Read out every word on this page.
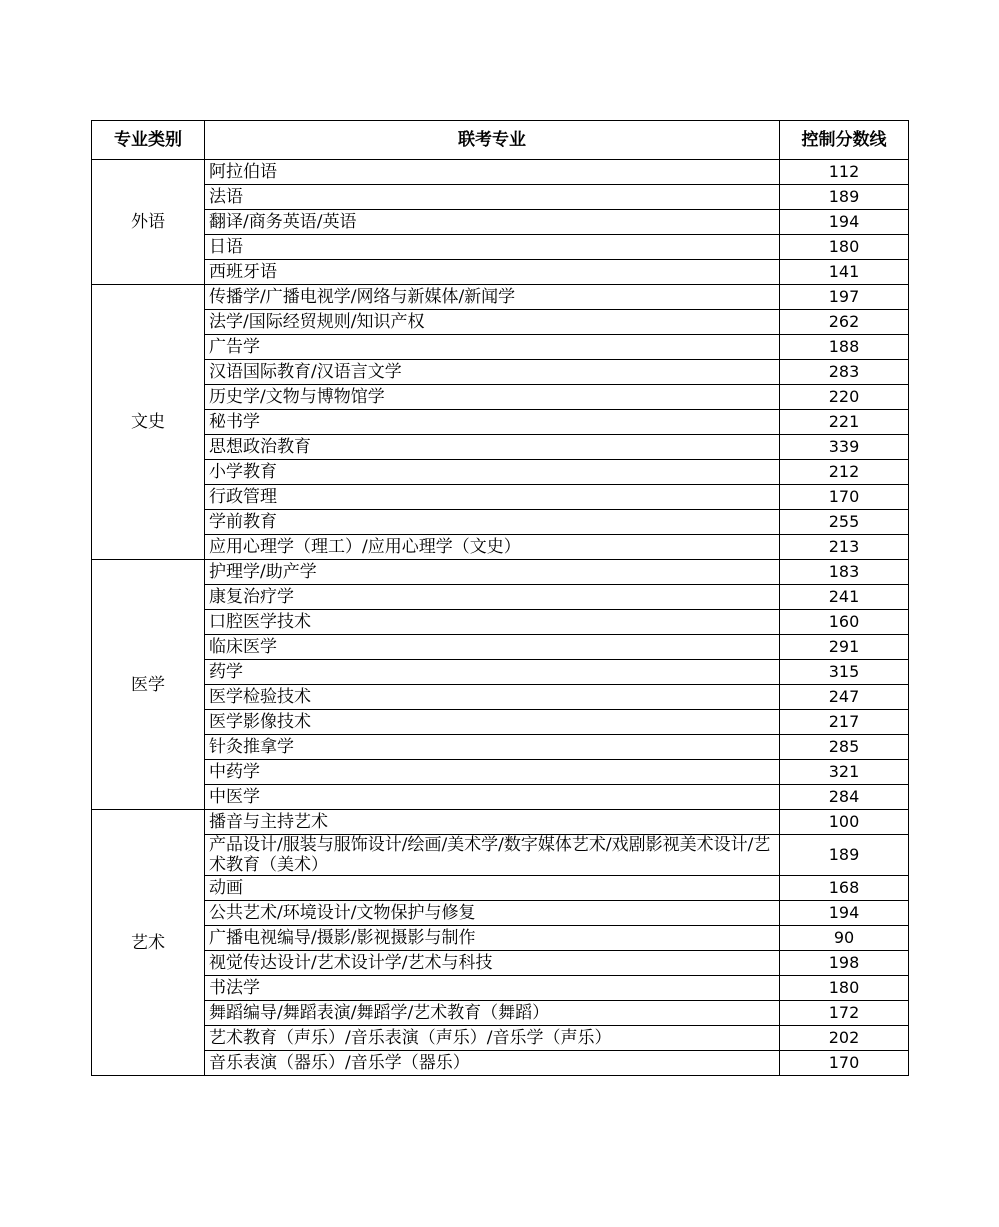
专业类别	联考专业	控制分数线
外语	阿拉伯语	112
	法语	189
	翻译/商务英语/英语	194
	日语	180
	西班牙语	141
文史	传播学/广播电视学/网络与新媒体/新闻学	197
	法学/国际经贸规则/知识产权	262
	广告学	188
	汉语国际教育/汉语言文学	283
	历史学/文物与博物馆学	220
	秘书学	221
	思想政治教育	339
	小学教育	212
	行政管理	170
	学前教育	255
	应用心理学（理工）/应用心理学（文史）	213
医学	护理学/助产学	183
	康复治疗学	241
	口腔医学技术	160
	临床医学	291
	药学	315
	医学检验技术	247
	医学影像技术	217
	针灸推拿学	285
	中药学	321
	中医学	284
艺术	播音与主持艺术	100
	产品设计/服装与服饰设计/绘画/美术学/数字媒体艺术/戏剧影视美术设计/艺术教育（美术）	189
	动画	168
	公共艺术/环境设计/文物保护与修复	194
	广播电视编导/摄影/影视摄影与制作	90
	视觉传达设计/艺术设计学/艺术与科技	198
	书法学	180
	舞蹈编导/舞蹈表演/舞蹈学/艺术教育（舞蹈）	172
	艺术教育（声乐）/音乐表演（声乐）/音乐学（声乐）	202
	音乐表演（器乐）/音乐学（器乐）	170
